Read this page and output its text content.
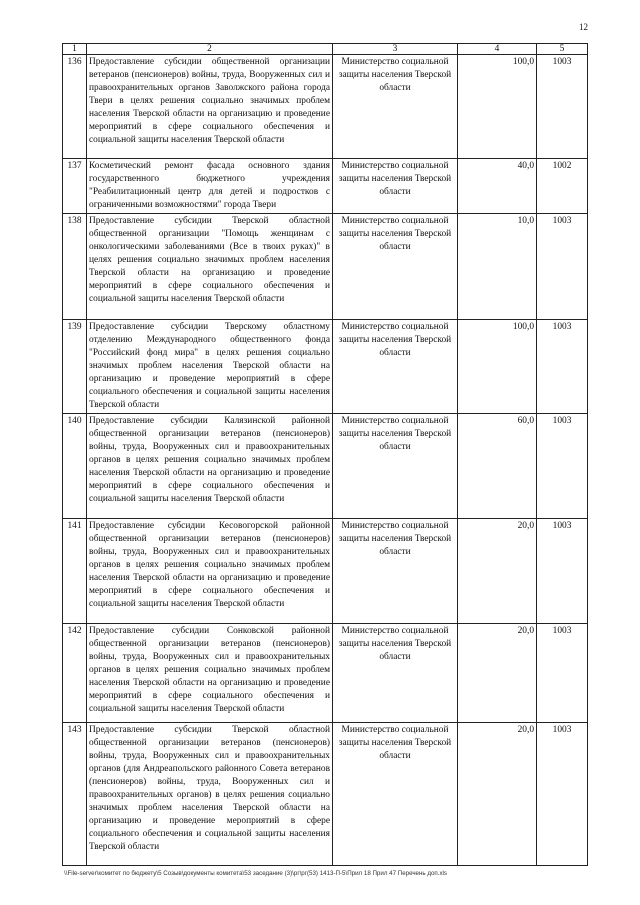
12
1	2	3	4	5
136	Предоставление субсидии общественной организации ветеранов (пенсионеров) войны, труда, Вооруженных сил и правоохранительных органов Заволжского района города Твери в целях решения социально значимых проблем населения Тверской области на организацию и проведение мероприятий в сфере социального обеспечения и социальной защиты населения Тверской области	Министерство социальной защиты населения Тверской области	100,0	1003
137	Косметический ремонт фасада основного здания государственного бюджетного учреждения "Реабилитационный центр для детей и подростков с ограниченными возможностями" города Твери	Министерство социальной защиты населения Тверской области	40,0	1002
138	Предоставление субсидии Тверской областной общественной организации "Помощь женщинам с онкологическими заболеваниями (Все в твоих руках)" в целях решения социально значимых проблем населения Тверской области на организацию и проведение мероприятий в сфере социального обеспечения и социальной защиты населения Тверской области	Министерство социальной защиты населения Тверской области	10,0	1003
139	Предоставление субсидии Тверскому областному отделению Международного общественного фонда "Российский фонд мира" в целях решения социально значимых проблем населения Тверской области на организацию и проведение мероприятий в сфере социального обеспечения и социальной защиты населения Тверской области	Министерство социальной защиты населения Тверской области	100,0	1003
140	Предоставление субсидии Калязинской районной общественной организации ветеранов (пенсионеров) войны, труда, Вооруженных сил и правоохранительных органов в целях решения социально значимых проблем населения Тверской области на организацию и проведение мероприятий в сфере социального обеспечения и социальной защиты населения Тверской области	Министерство социальной защиты населения Тверской области	60,0	1003
141	Предоставление субсидии Кесовогорской районной общественной организации ветеранов (пенсионеров) войны, труда, Вооруженных сил и правоохранительных органов в целях решения социально значимых проблем населения Тверской области на организацию и проведение мероприятий в сфере социального обеспечения и социальной защиты населения Тверской области	Министерство социальной защиты населения Тверской области	20,0	1003
142	Предоставление субсидии Сонковской районной общественной организации ветеранов (пенсионеров) войны, труда, Вооруженных сил и правоохранительных органов в целях решения социально значимых проблем населения Тверской области на организацию и проведение мероприятий в сфере социального обеспечения и социальной защиты населения Тверской области	Министерство социальной защиты населения Тверской области	20,0	1003
143	Предоставление субсидии Тверской областной общественной организации ветеранов (пенсионеров) войны, труда, Вооруженных сил и правоохранительных органов (для Андреапольского районного Совета ветеранов (пенсионеров) войны, труда, Вооруженных сил и правоохранительных органов) в целях решения социально значимых проблем населения Тверской области на организацию и проведение мероприятий в сфере социального обеспечения и социальной защиты населения Тверской области	Министерство социальной защиты населения Тверской области	20,0	1003
\\File-server\комитет по бюджету\5 Созыв\документы комитета\53 заседание (3)\рг\рг(53) 1413-П-5\Прил 18 Прил 47 Перечень доп.xls
